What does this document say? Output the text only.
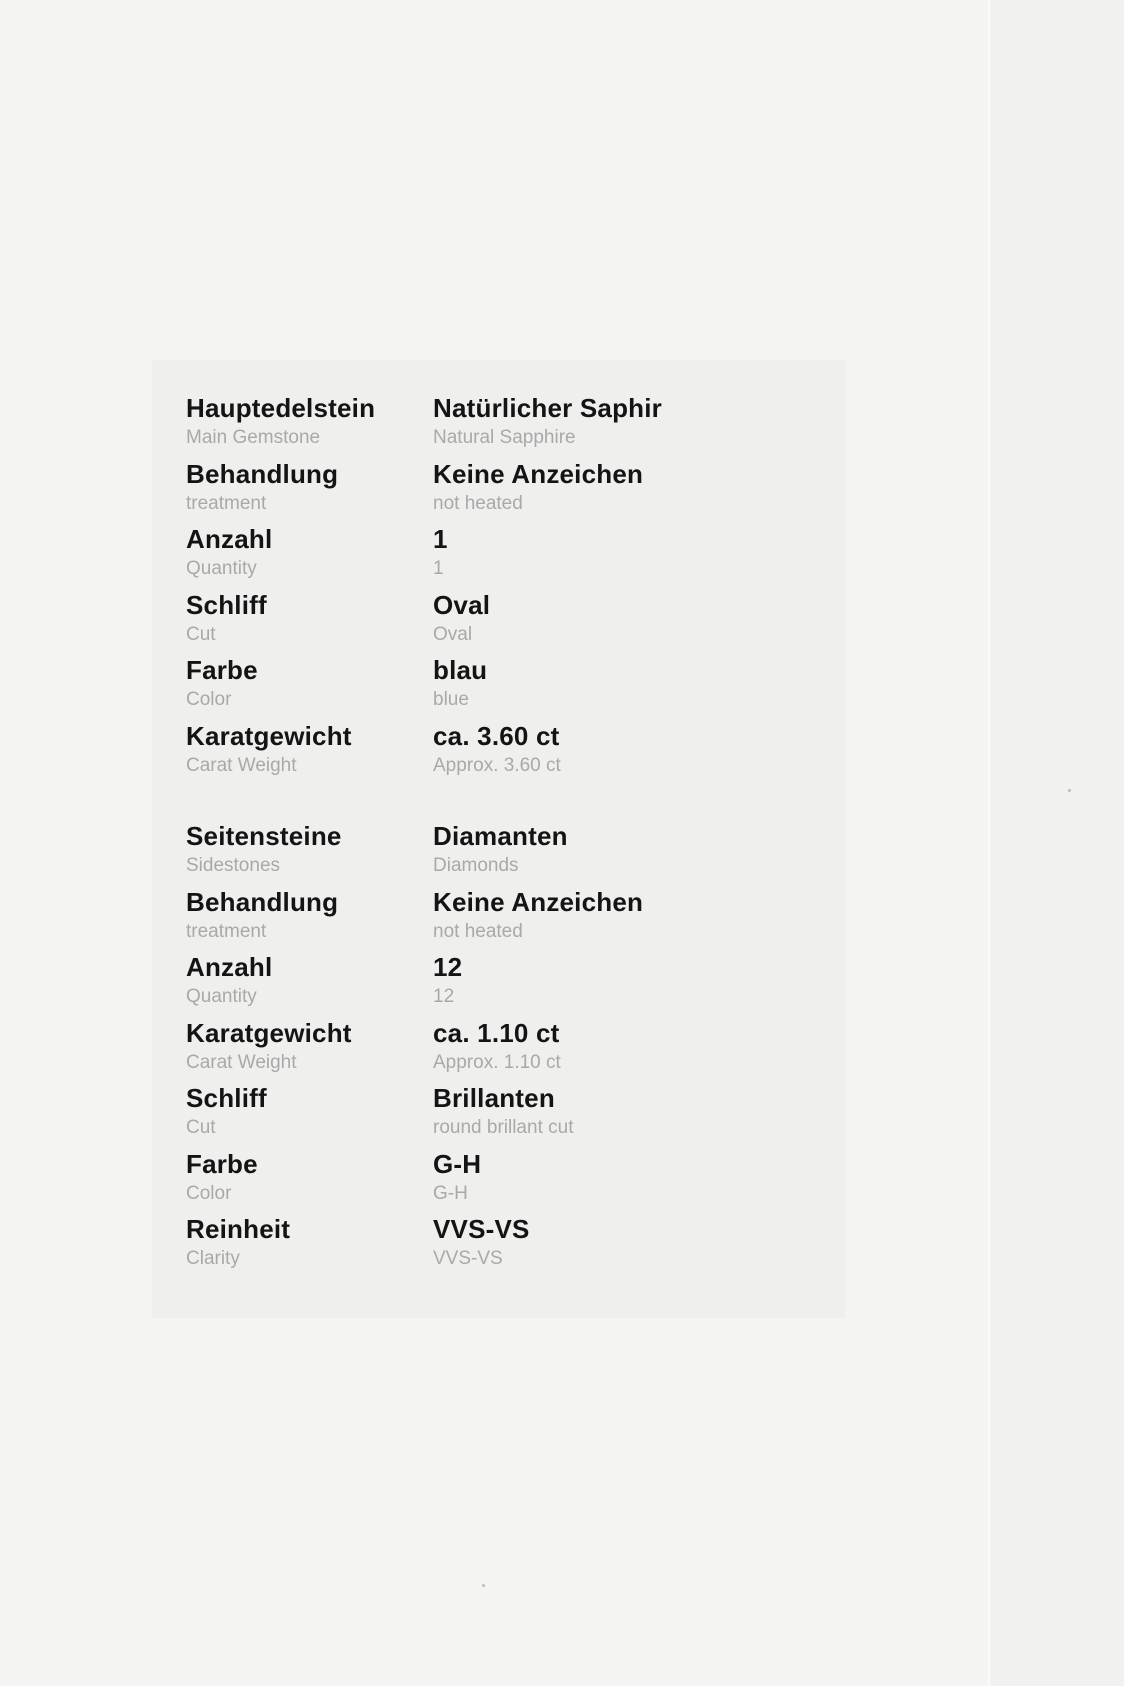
Hauptedelstein
Main Gemstone
Natürlicher Saphir
Natural Sapphire
Behandlung
treatment
Keine Anzeichen
not heated
Anzahl
Quantity
1
1
Schliff
Cut
Oval
Oval
Farbe
Color
blau
blue
Karatgewicht
Carat Weight
ca. 3.60 ct
Approx. 3.60 ct
Seitensteine
Sidestones
Diamanten
Diamonds
Behandlung
treatment
Keine Anzeichen
not heated
Anzahl
Quantity
12
12
Karatgewicht
Carat Weight
ca. 1.10 ct
Approx. 1.10 ct
Schliff
Cut
Brillanten
round brillant cut
Farbe
Color
G-H
G-H
Reinheit
Clarity
VVS-VS
VVS-VS
